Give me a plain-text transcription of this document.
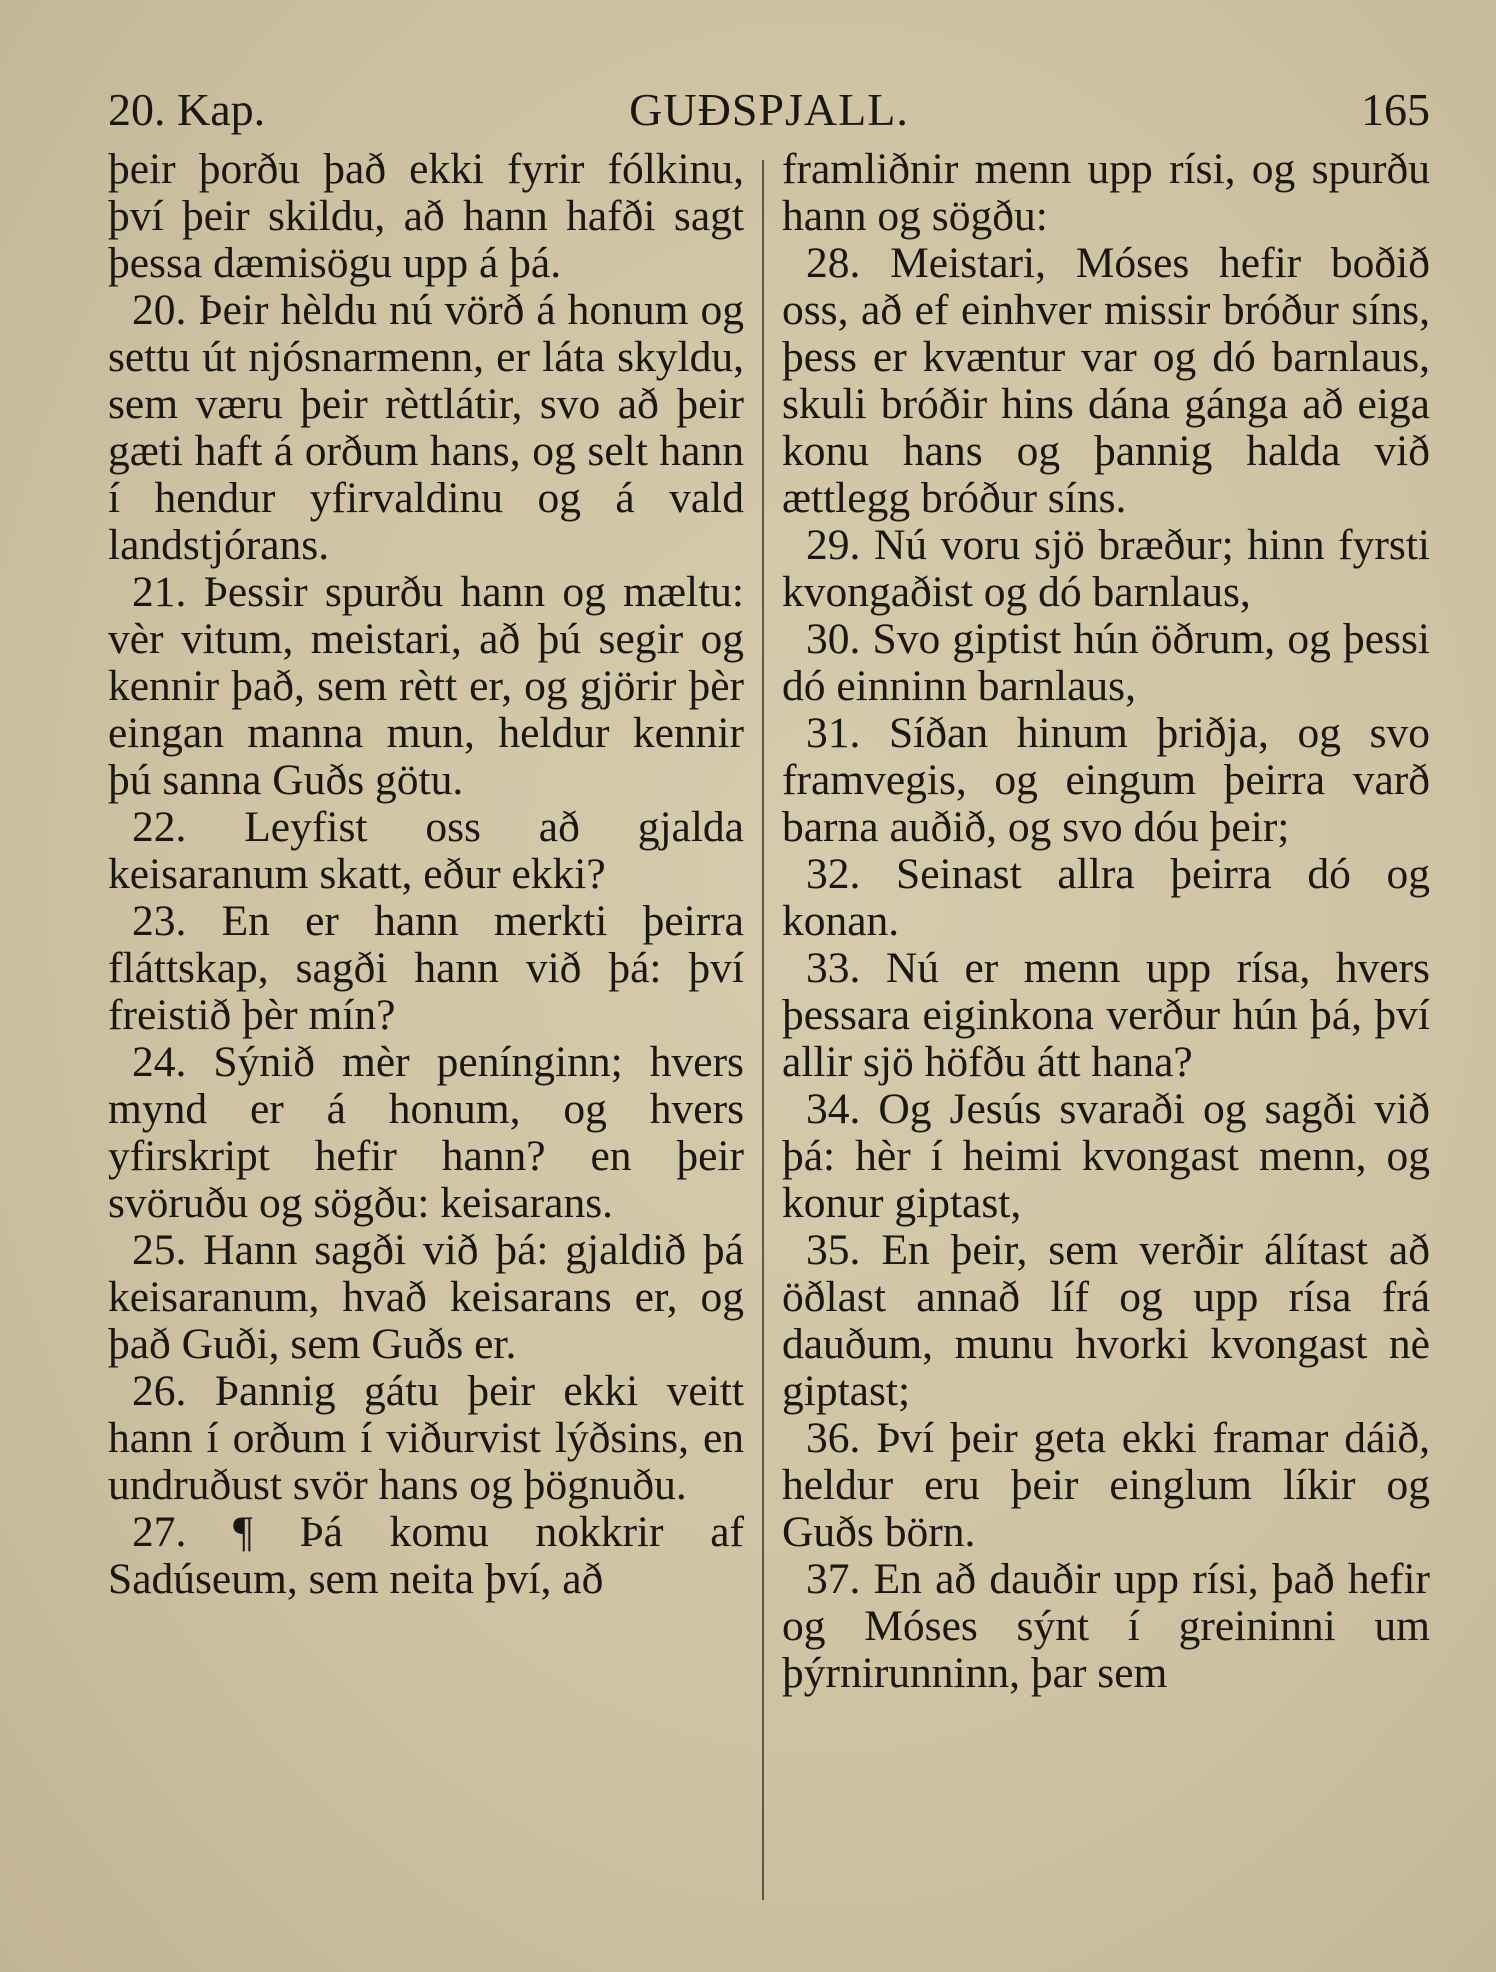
20. Kap.	GUÐSPJALL.	165

þeir þorðu það ekki fyrir fólkinu, því þeir skildu, að hann hafði sagt þessa dæmisögu upp á þá.

20. Þeir hèldu nú vörð á honum og settu út njósnarmenn, er láta skyldu, sem væru þeir rèttlátir, svo að þeir gæti haft á orðum hans, og selt hann í hendur yfirvaldinu og á vald landstjórans.

21. Þessir spurðu hann og mæltu: vèr vitum, meistari, að þú segir og kennir það, sem rètt er, og gjörir þèr eingan manna mun, heldur kennir þú sanna Guðs götu.

22. Leyfist oss að gjalda keisaranum skatt, eður ekki?

23. En er hann merkti þeirra fláttskap, sagði hann við þá: því freistið þèr mín?

24. Sýnið mèr penínginn; hvers mynd er á honum, og hvers yfirskript hefir hann? en þeir svöruðu og sögðu: keisarans.

25. Hann sagði við þá: gjaldið þá keisaranum, hvað keisarans er, og það Guði, sem Guðs er.

26. Þannig gátu þeir ekki veitt hann í orðum í viðurvist lýðsins, en undruðust svör hans og þögnuðu.

27. ¶ Þá komu nokkrir af Sadúseum, sem neita því, að

framliðnir menn upp rísi, og spurðu hann og sögðu:

28. Meistari, Móses hefir boðið oss, að ef einhver missir bróður síns, þess er kvæntur var og dó barnlaus, skuli bróðir hins dána gánga að eiga konu hans og þannig halda við ættlegg bróður síns.

29. Nú voru sjö bræður; hinn fyrsti kvongaðist og dó barnlaus,

30. Svo giptist hún öðrum, og þessi dó einninn barnlaus,

31. Síðan hinum þriðja, og svo framvegis, og eingum þeirra varð barna auðið, og svo dóu þeir;

32. Seinast allra þeirra dó og konan.

33. Nú er menn upp rísa, hvers þessara eiginkona verður hún þá, því allir sjö höfðu átt hana?

34. Og Jesús svaraði og sagði við þá: hèr í heimi kvongast menn, og konur giptast,

35. En þeir, sem verðir álítast að öðlast annað líf og upp rísa frá dauðum, munu hvorki kvongast nè giptast;

36. Því þeir geta ekki framar dáið, heldur eru þeir einglum líkir og Guðs börn.

37. En að dauðir upp rísi, það hefir og Móses sýnt í greininni um þýrnirunninn, þar sem
